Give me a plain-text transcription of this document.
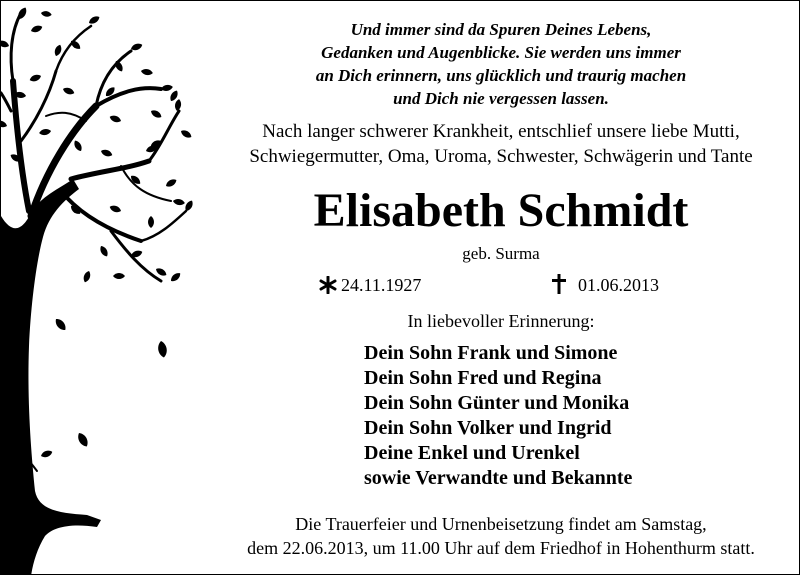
Und immer sind da Spuren Deines Lebens,
Gedanken und Augenblicke. Sie werden uns immer
an Dich erinnern, uns glücklich und traurig machen
und Dich nie vergessen lassen.
Nach langer schwerer Krankheit, entschlief unsere liebe Mutti,
Schwiegermutter, Oma, Uroma, Schwester, Schwägerin und Tante
Elisabeth Schmidt
geb. Surma
24.11.1927	01.06.2013
In liebevoller Erinnerung:
Dein Sohn Frank und Simone
Dein Sohn Fred und Regina
Dein Sohn Günter und Monika
Dein Sohn Volker und Ingrid
Deine Enkel und Urenkel
sowie Verwandte und Bekannte
Die Trauerfeier und Urnenbeisetzung findet am Samstag,
dem 22.06.2013, um 11.00 Uhr auf dem Friedhof in Hohenthurm statt.
